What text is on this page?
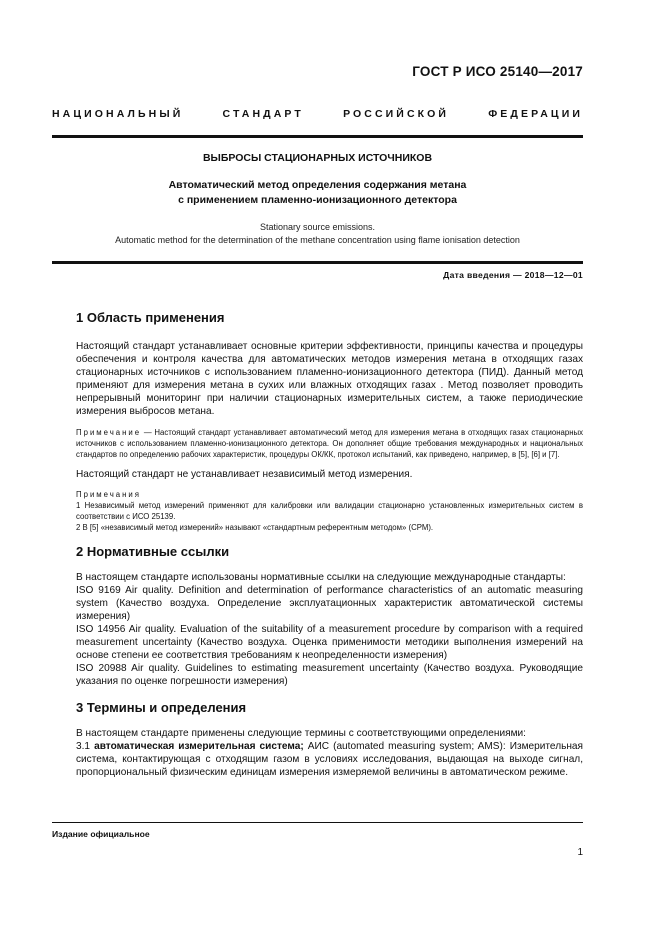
ГОСТ Р ИСО 25140—2017
НАЦИОНАЛЬНЫЙ СТАНДАРТ РОССИЙСКОЙ ФЕДЕРАЦИИ
ВЫБРОСЫ СТАЦИОНАРНЫХ ИСТОЧНИКОВ
Автоматический метод определения содержания метана
с применением пламенно-ионизационного детектора
Stationary source emissions.
Automatic method for the determination of the methane concentration using flame ionisation detection
Дата введения — 2018—12—01
1 Область применения

Настоящий стандарт устанавливает основные критерии эффективности, принципы качества и процедуры обеспечения и контроля качества для автоматических методов измерения метана в отходящих газах стационарных источников с использованием пламенно-ионизационного детектора (ПИД). Данный метод применяют для измерения метана в сухих или влажных отходящих газах . Метод позволяет проводить непрерывный мониторинг при наличии стационарных измерительных систем, а также периодические измерения выбросов метана.

Примечание — Настоящий стандарт устанавливает автоматический метод для измерения метана в отходящих газах стационарных источников с использованием пламенно-ионизационного детектора. Он дополняет общие требования международных и национальных стандартов по определению рабочих характеристик, процедуры ОК/КК, протокол испытаний, как приведено, например, в [5], [6] и [7].

Настоящий стандарт не устанавливает независимый метод измерения.

Примечания

1 Независимый метод измерений применяют для калибровки или валидации стационарно установленных измерительных систем в соответствии с ИСО 25139.

2 В [5] «независимый метод измерений» называют «стандартным референтным методом» (СРМ).

2 Нормативные ссылки

В настоящем стандарте использованы нормативные ссылки на следующие международные стандарты:

ISO 9169 Air quality. Definition and determination of performance characteristics of an automatic measuring system (Качество воздуха. Определение эксплуатационных характеристик автоматической системы измерения)

ISO 14956 Air quality. Evaluation of the suitability of a measurement procedure by comparison with a required measurement uncertainty (Качество воздуха. Оценка применимости методики выполнения измерений на основе степени ее соответствия требованиям к неопределенности измерения)

ISO 20988 Air quality. Guidelines to estimating measurement uncertainty (Качество воздуха. Руководящие указания по оценке погрешности измерения)

3 Термины и определения

В настоящем стандарте применены следующие термины с соответствующими определениями:

3.1 автоматическая измерительная система; АИС (automated measuring system; AMS): Измерительная система, контактирующая с отходящим газом в условиях исследования, выдающая на выходе сигнал, пропорциональный физическим единицам измерения измеряемой величины в автоматическом режиме.

Издание официальное
1
